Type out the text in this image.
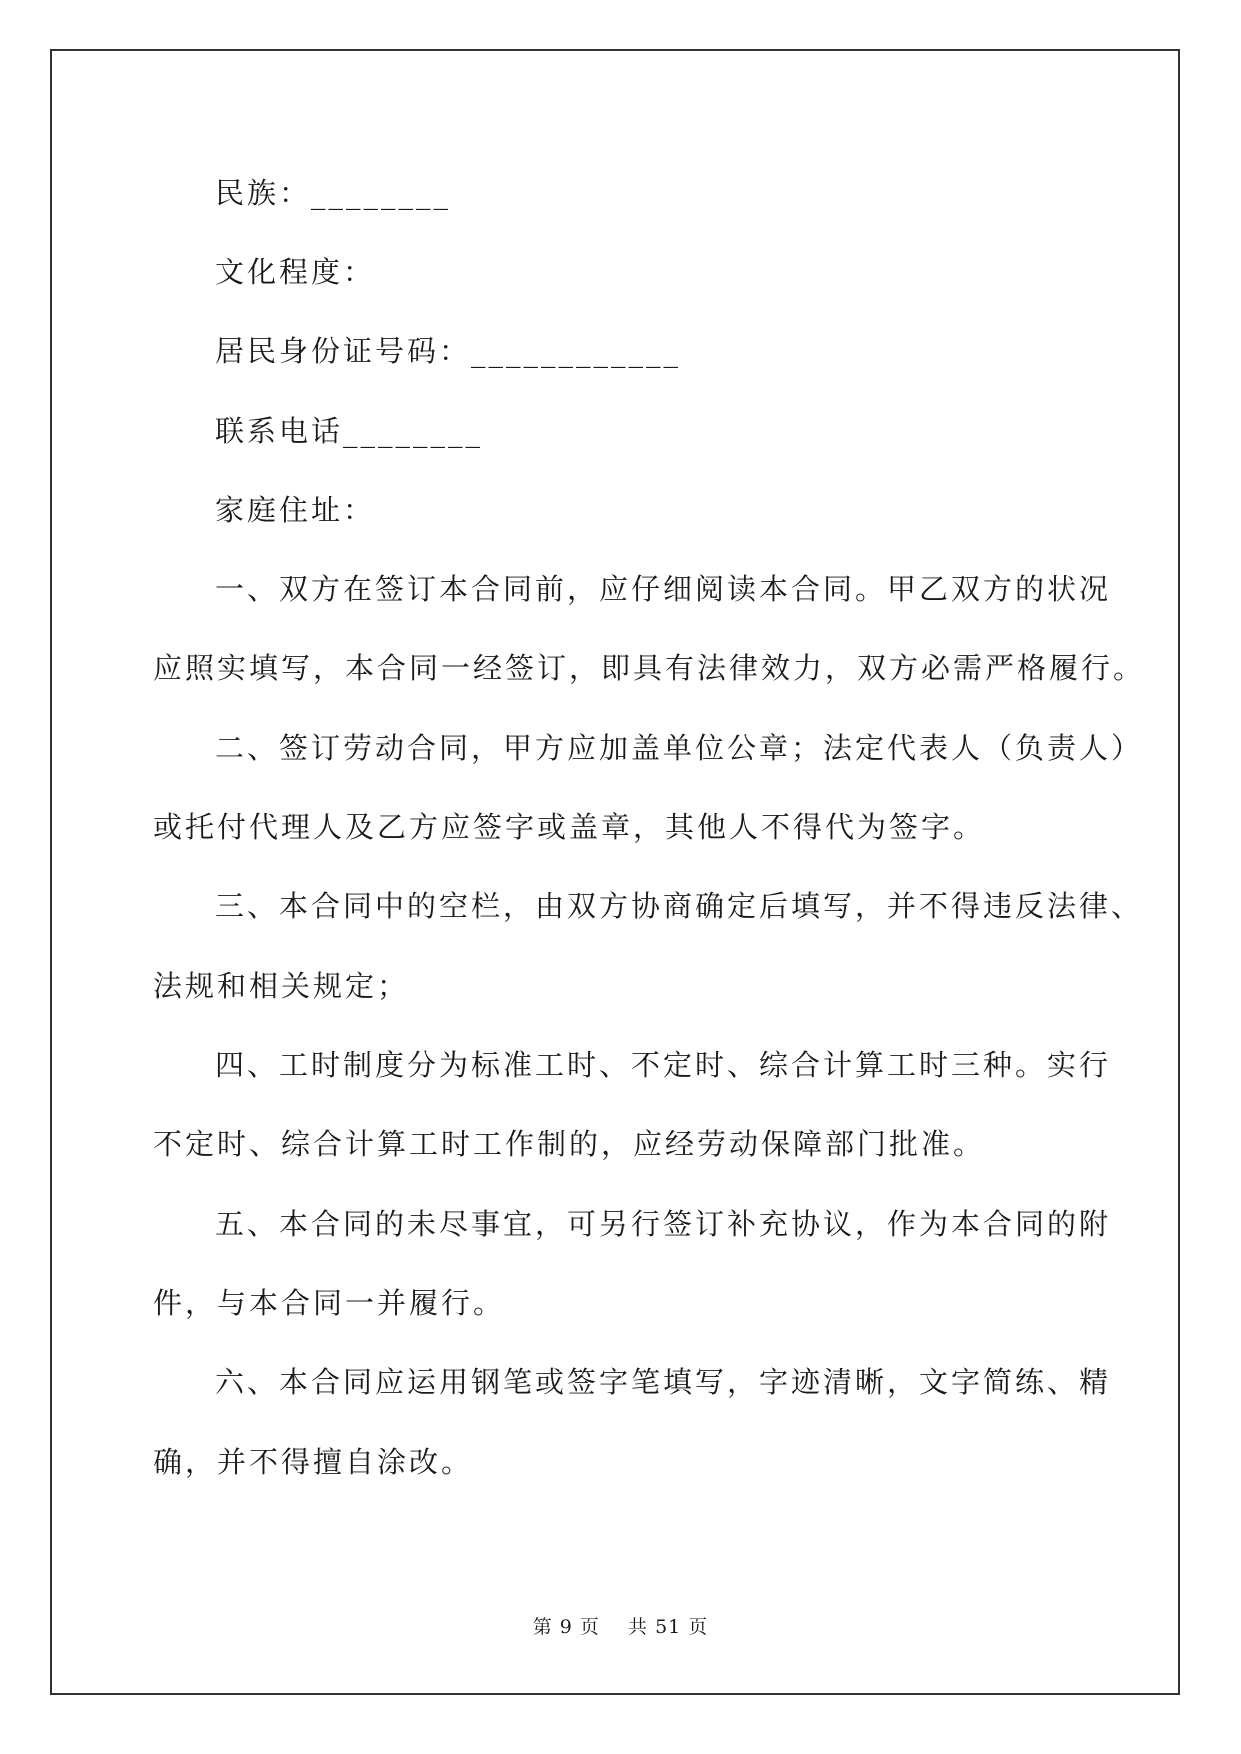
民族：________
文化程度：
居民身份证号码：____________
联系电话________
家庭住址：
一、双方在签订本合同前，应仔细阅读本合同。甲乙双方的状况
应照实填写，本合同一经签订，即具有法律效力，双方必需严格履行。
二、签订劳动合同，甲方应加盖单位公章；法定代表人（负责人）
或托付代理人及乙方应签字或盖章，其他人不得代为签字。
三、本合同中的空栏，由双方协商确定后填写，并不得违反法律、
法规和相关规定；
四、工时制度分为标准工时、不定时、综合计算工时三种。实行
不定时、综合计算工时工作制的，应经劳动保障部门批准。
五、本合同的未尽事宜，可另行签订补充协议，作为本合同的附
件，与本合同一并履行。
六、本合同应运用钢笔或签字笔填写，字迹清晰，文字简练、精
确，并不得擅自涂改。
第 9 页    共 51 页
